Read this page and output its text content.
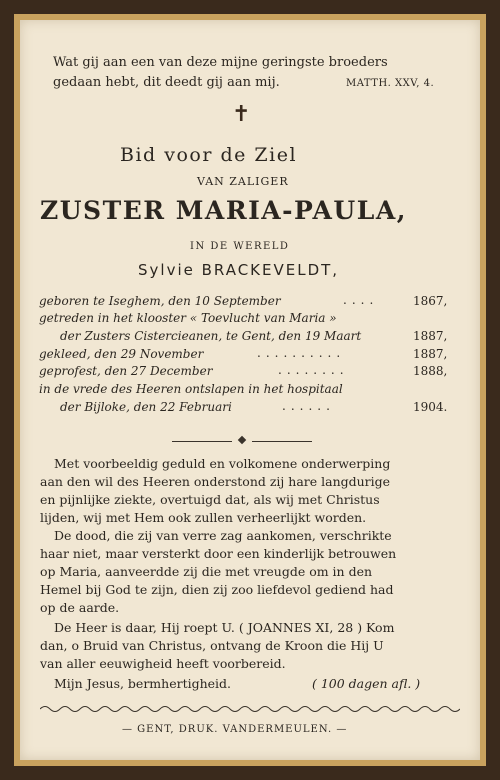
Wat gij aan een van deze mijne geringste broeders
gedaan hebt, dit deedt gij aan mij.	MATTH. XXV, 4.
✝
Bid voor de Ziel
VAN ZALIGER
ZUSTER MARIA-PAULA,
IN DE WERELD
Sylvie BRACKEVELDT,
geboren te Iseghem, den 10 September	....	1867,
getreden in het klooster « Toevlucht van Maria »
der Zusters Cistercieanen, te Gent, den 19 Maart	1887,
gekleed, den 29 November	..........	1887,
geprofest, den 27 December	........	1888,
in de vrede des Heeren ontslapen in het hospitaal
der Bijloke, den 22 Februari	......	1904.
Met voorbeeldig geduld en volkomene onderwerping
aan den wil des Heeren onderstond zij hare langdurige
en pijnlijke ziekte, overtuigd dat, als wij met Christus
lijden, wij met Hem ook zullen verheerlijkt worden.
De dood, die zij van verre zag aankomen, verschrikte
haar niet, maar versterkt door een kinderlijk betrouwen
op Maria, aanveerdde zij die met vreugde om in den
Hemel bij God te zijn, dien zij zoo liefdevol gediend had
op de aarde.
De Heer is daar, Hij roept U. ( JOANNES XI, 28 ) Kom
dan, o Bruid van Christus, ontvang de Kroon die Hij U
van aller eeuwigheid heeft voorbereid.
Mijn Jesus, bermhertigheid.	( 100 dagen afl. )
— GENT, DRUK. VANDERMEULEN. —
